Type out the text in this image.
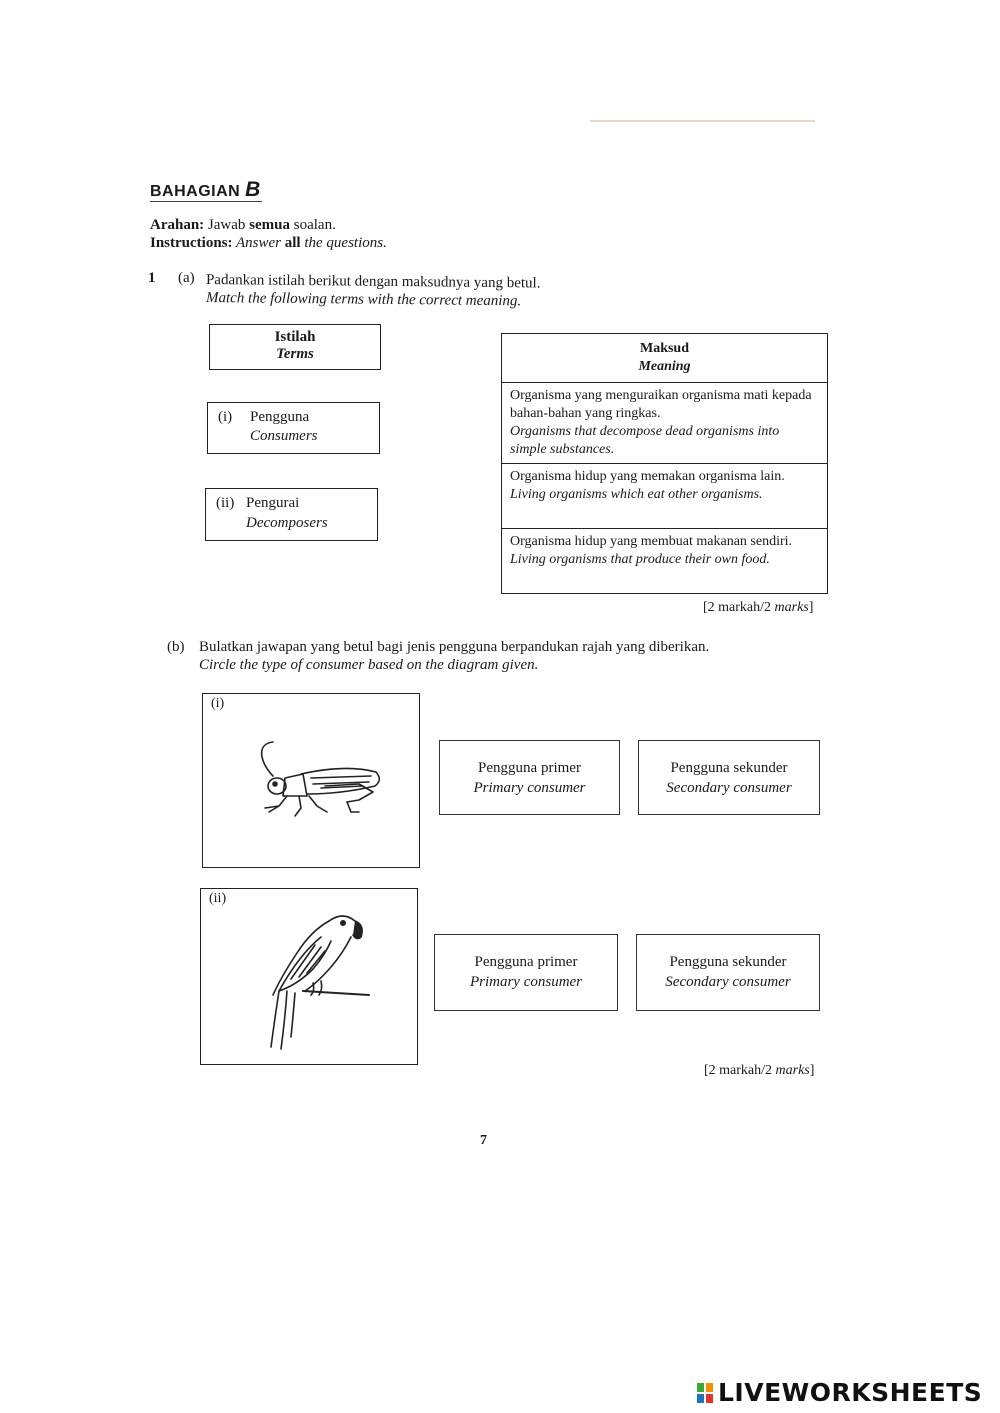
BAHAGIAN B
Arahan: Jawab semua soalan.
Instructions: Answer all the questions.
1 (a) Padankan istilah berikut dengan maksudnya yang betul.
Match the following terms with the correct meaning.
Istilah
Terms
(i) Pengguna
Consumers
(ii) Pengurai
Decomposers
Maksud
Meaning

Organisma yang menguraikan organisma mati kepada bahan-bahan yang ringkas.
Organisms that decompose dead organisms into simple substances.

Organisma hidup yang memakan organisma lain.
Living organisms which eat other organisms.

Organisma hidup yang membuat makanan sendiri.
Living organisms that produce their own food.
[2 markah/2 marks]
(b) Bulatkan jawapan yang betul bagi jenis pengguna berpandukan rajah yang diberikan.
Circle the type of consumer based on the diagram given.
(i)
Pengguna primer
Primary consumer
Pengguna sekunder
Secondary consumer
(ii)
Pengguna primer
Primary consumer
Pengguna sekunder
Secondary consumer
[2 markah/2 marks]
7
LIVEWORKSHEETS
